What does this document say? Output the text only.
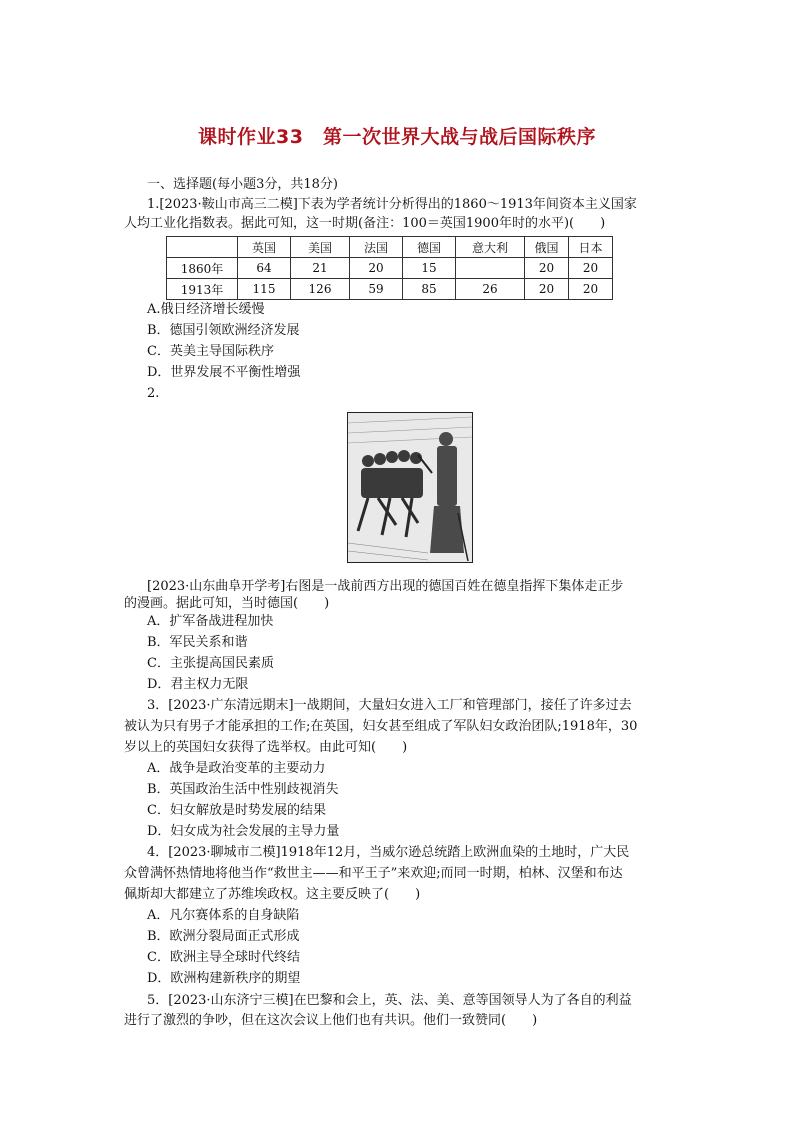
课时作业33　第一次世界大战与战后国际秩序
一、选择题(每小题3分，共18分)
1.[2023·鞍山市高三二模]下表为学者统计分析得出的1860～1913年间资本主义国家
人均工业化指数表。据此可知，这一时期(备注：100＝英国1900年时的水平)(　　)
	英国	美国	法国	德国	意大利	俄国	日本
1860年	64	21	20	15		20	20
1913年	115	126	59	85	26	20	20
A.俄日经济增长缓慢
B．德国引领欧洲经济发展
C．英美主导国际秩序
D．世界发展不平衡性增强
2.
[2023·山东曲阜开学考]右图是一战前西方出现的德国百姓在德皇指挥下集体走正步
的漫画。据此可知，当时德国(　　)
A．扩军备战进程加快
B．军民关系和谐
C．主张提高国民素质
D．君主权力无限
3．[2023·广东清远期末]一战期间，大量妇女进入工厂和管理部门，接任了许多过去
被认为只有男子才能承担的工作;在英国，妇女甚至组成了军队妇女政治团队;1918年，30
岁以上的英国妇女获得了选举权。由此可知(　　)
A．战争是政治变革的主要动力
B．英国政治生活中性别歧视消失
C．妇女解放是时势发展的结果
D．妇女成为社会发展的主导力量
4．[2023·聊城市二模]1918年12月，当威尔逊总统踏上欧洲血染的土地时，广大民
众曾满怀热情地将他当作“救世主——和平王子”来欢迎;而同一时期，柏林、汉堡和布达
佩斯却大都建立了苏维埃政权。这主要反映了(　　)
A．凡尔赛体系的自身缺陷
B．欧洲分裂局面正式形成
C．欧洲主导全球时代终结
D．欧洲构建新秩序的期望
5．[2023·山东济宁三模]在巴黎和会上，英、法、美、意等国领导人为了各自的利益
进行了激烈的争吵，但在这次会议上他们也有共识。他们一致赞同(　　)
